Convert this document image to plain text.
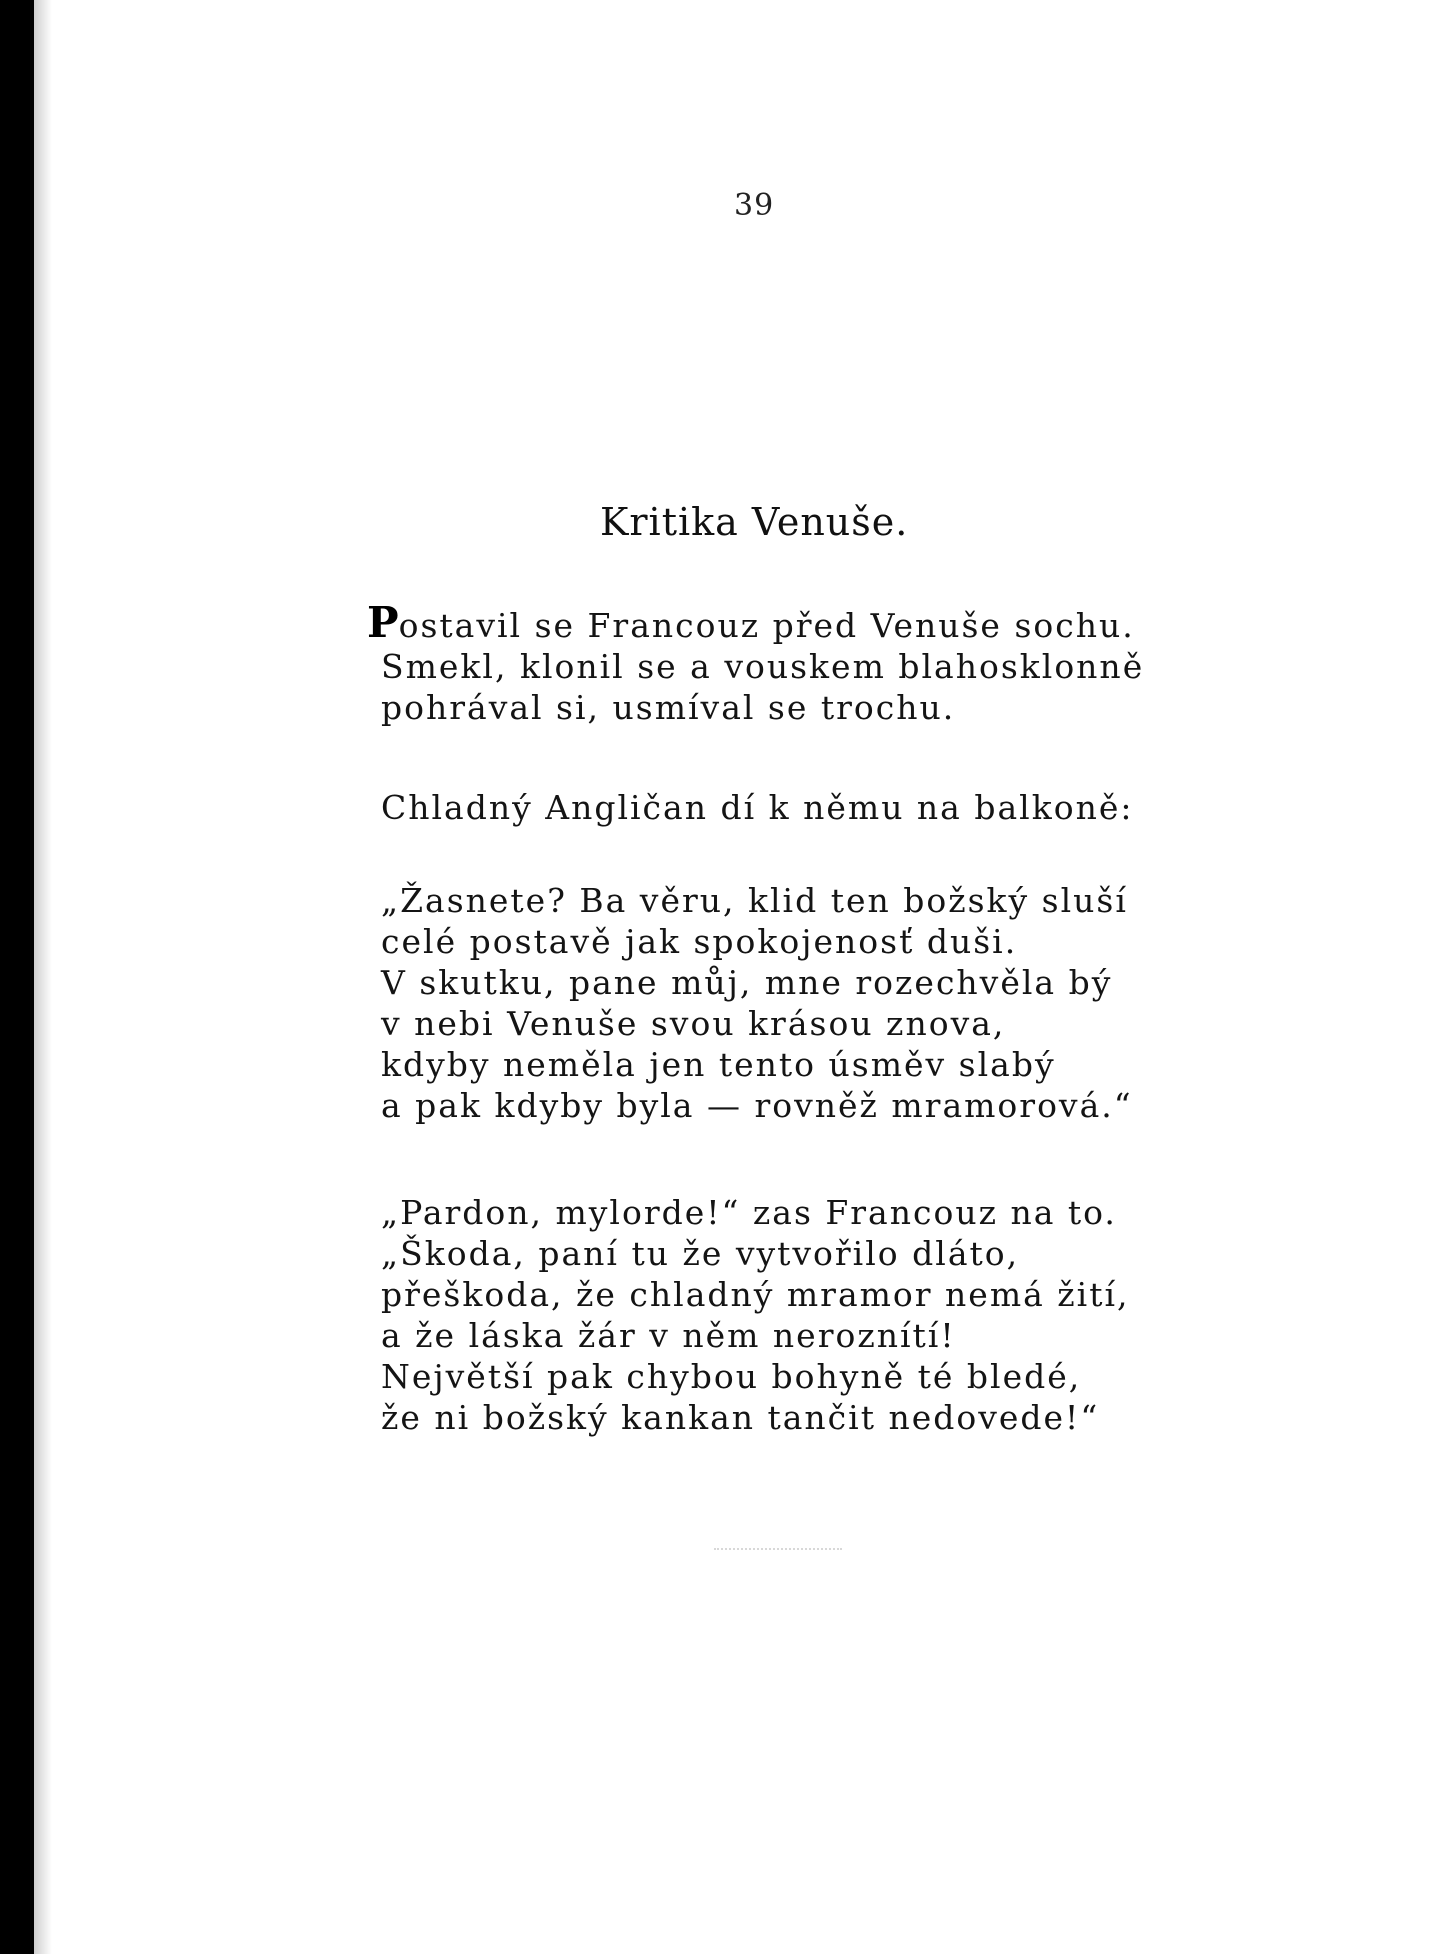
39
Kritika Venuše.
Postavil se Francouz před Venuše sochu.
Smekl, klonil se a vouskem blahosklonně
pohrával si, usmíval se trochu.
Chladný Angličan dí k němu na balkoně:
„Žasnete? Ba věru, klid ten božský sluší
celé postavě jak spokojenosť duši.
V skutku, pane můj, mne rozechvěla bý
v nebi Venuše svou krásou znova,
kdyby neměla jen tento úsměv slabý
a pak kdyby byla — rovněž mramorová.“
„Pardon, mylorde!“ zas Francouz na to.
„Škoda, paní tu že vytvořilo dláto,
přeškoda, že chladný mramor nemá žití,
a že láska žár v něm neroznítí!
Největší pak chybou bohyně té bledé,
že ni božský kankan tančit nedovede!“
